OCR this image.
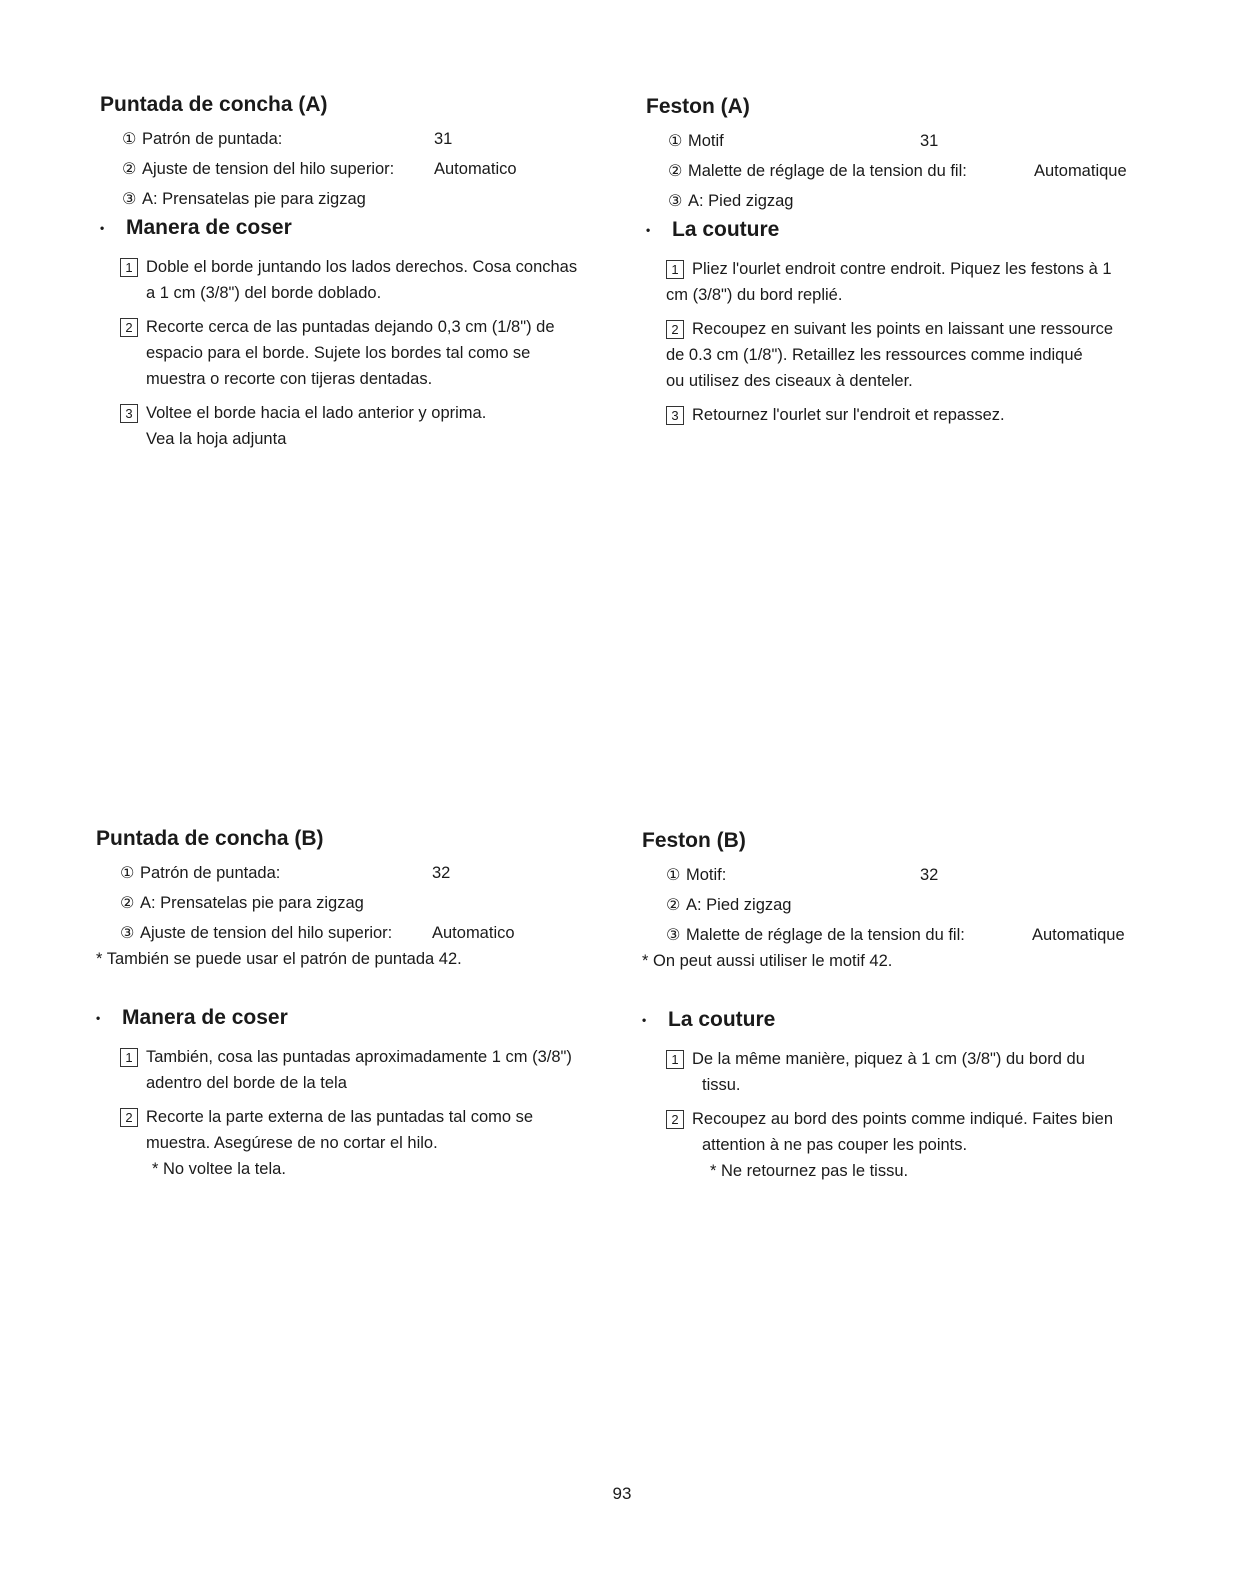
Puntada de concha (A)
① Patrón de puntada:	31
② Ajuste de tension del hilo superior: Automatico
③ A: Prensatelas pie para zigzag
• Manera de coser
1 Doble el borde juntando los lados derechos. Cosa conchas
a 1 cm (3/8") del borde doblado.
2 Recorte cerca de las puntadas dejando 0,3 cm (1/8") de
espacio para el borde. Sujete los bordes tal como se
muestra o recorte con tijeras dentadas.
3 Voltee el borde hacia el lado anterior y oprima.
Vea la hoja adjunta
Feston (A)
① Motif	31
② Malette de réglage de la tension du fil:	Automatique
③ A: Pied zigzag
• La couture
1 Pliez l'ourlet endroit contre endroit. Piquez les festons à 1
cm (3/8") du bord replié.
2 Recoupez en suivant les points en laissant une ressource
de 0.3 cm (1/8"). Retaillez les ressources comme indiqué
ou utilisez des ciseaux à denteler.
3 Retournez l'ourlet sur l'endroit et repassez.
Puntada de concha (B)
① Patrón de puntada:	32
② A: Prensatelas pie para zigzag
③ Ajuste de tension del hilo superior: Automatico
* También se puede usar el patrón de puntada 42.
• Manera de coser
1 También, cosa las puntadas aproximadamente 1 cm (3/8")
adentro del borde de la tela
2 Recorte la parte externa de las puntadas tal como se
muestra. Asegúrese de no cortar el hilo.
* No voltee la tela.
Feston (B)
① Motif:	32
② A: Pied zigzag
③ Malette de réglage de la tension du fil:	Automatique
* On peut aussi utiliser le motif 42.
• La couture
1 De la même manière, piquez à 1 cm (3/8") du bord du
tissu.
2 Recoupez au bord des points comme indiqué. Faites bien
attention à ne pas couper les points.
* Ne retournez pas le tissu.
93
